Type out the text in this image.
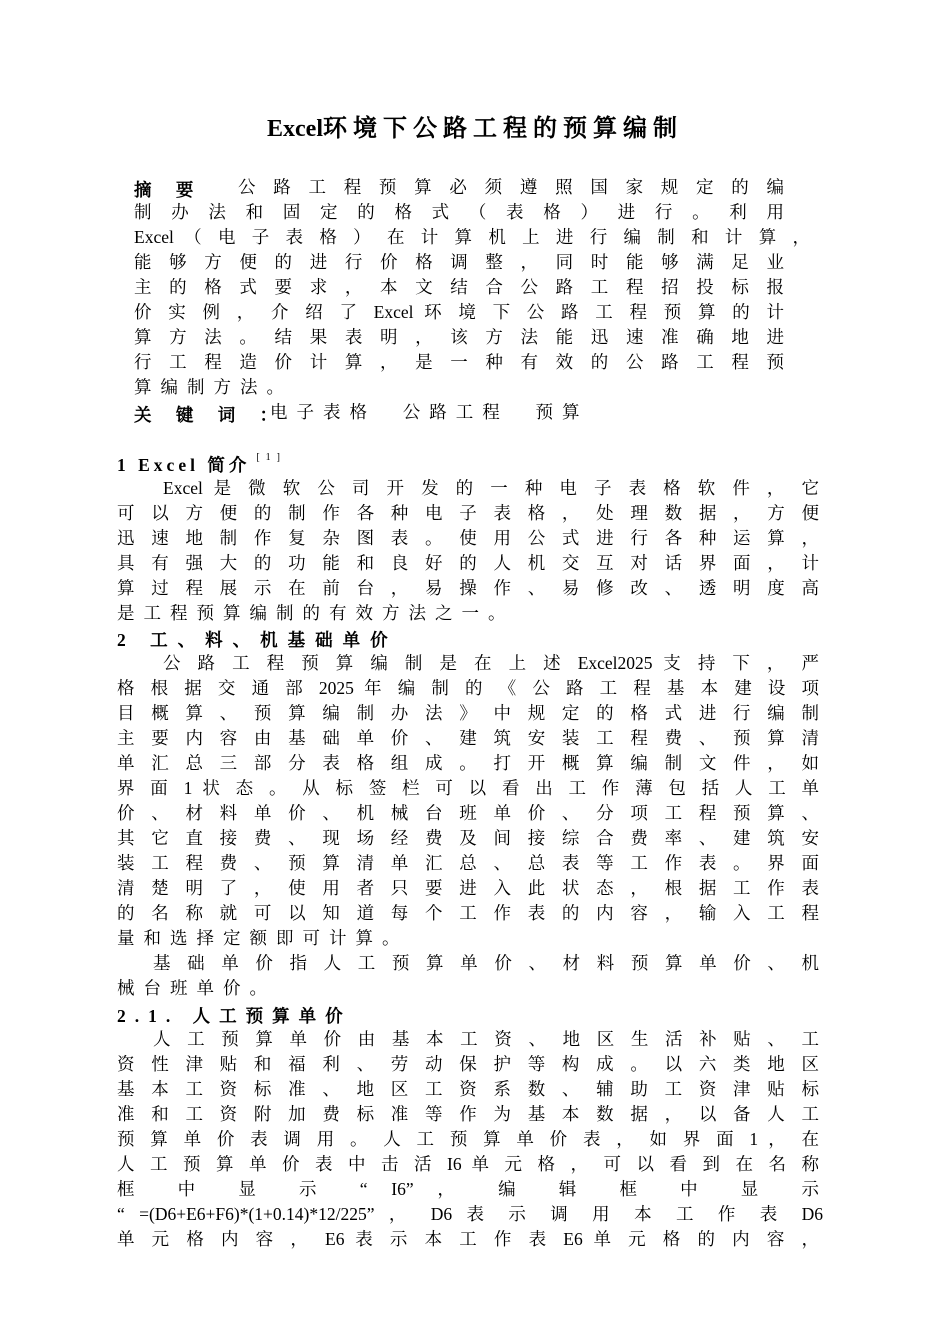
Excel环境下公路工程的预算编制
摘 要 公 路 工 程 预 算 必 须 遵 照 国 家 规 定 的 编
制 办 法 和 固 定 的 格 式 （ 表 格 ） 进 行 。 利 用
Excel （ 电 子 表 格 ） 在 计 算 机 上 进 行 编 制 和 计 算 ，
能 够 方 便 的 进 行 价 格 调 整 ， 同 时 能 够 满 足 业
主 的 格 式 要 求 ， 本 文 结 合 公 路 工 程 招 投 标 报
价 实 例 ， 介 绍 了 Excel 环 境 下 公 路 工 程 预 算 的 计
算 方 法 。 结 果 表 明 ， 该 方 法 能 迅 速 准 确 地 进
行 工 程 造 价 计 算 ， 是 一 种 有 效 的 公 路 工 程 预
算编制方法。
关 键 词 ：
电子表格  公路工程  预算
1 Excel 简介 [1]
Excel 是 微 软 公 司 开 发 的 一 种 电 子 表 格 软 件 ， 它
可 以 方 便 的 制 作 各 种 电 子 表 格 ， 处 理 数 据 ， 方 便
迅 速 地 制 作 复 杂 图 表 。 使 用 公 式 进 行 各 种 运 算 ，
具 有 强 大 的 功 能 和 良 好 的 人 机 交 互 对 话 界 面 ， 计
算 过 程 展 示 在 前 台 ， 易 操 作 、 易 修 改 、 透 明 度 高
是工程预算编制的有效方法之一。
2 工、料、机基础单价
公 路 工 程 预 算 编 制 是 在 上 述 Excel2025 支 持 下 ， 严
格 根 据 交 通 部 2025 年 编 制 的 《 公 路 工 程 基 本 建 设 项
目 概 算 、 预 算 编 制 办 法 》 中 规 定 的 格 式 进 行 编 制
主 要 内 容 由 基 础 单 价 、 建 筑 安 装 工 程 费 、 预 算 清
单 汇 总 三 部 分 表 格 组 成 。 打 开 概 算 编 制 文 件 ， 如
界 面 1 状 态 。 从 标 签 栏 可 以 看 出 工 作 薄 包 括 人 工 单
价 、 材 料 单 价 、 机 械 台 班 单 价 、 分 项 工 程 预 算 、
其 它 直 接 费 、 现 场 经 费 及 间 接 综 合 费 率 、 建 筑 安
装 工 程 费 、 预 算 清 单 汇 总 、 总 表 等 工 作 表 。 界 面
清 楚 明 了 ， 使 用 者 只 要 进 入 此 状 态 ， 根 据 工 作 表
的 名 称 就 可 以 知 道 每 个 工 作 表 的 内 容 ， 输 入 工 程
量和选择定额即可计算。
基 础 单 价 指 人 工 预 算 单 价 、 材 料 预 算 单 价 、 机
械台班单价。
2.1. 人工预算单价
人 工 预 算 单 价 由 基 本 工 资 、 地 区 生 活 补 贴 、 工
资 性 津 贴 和 福 利 、 劳 动 保 护 等 构 成 。 以 六 类 地 区
基 本 工 资 标 准 、 地 区 工 资 系 数 、 辅 助 工 资 津 贴 标
准 和 工 资 附 加 费 标 准 等 作 为 基 本 数 据 ， 以 备 人 工
预 算 单 价 表 调 用 。 人 工 预 算 单 价 表 ， 如 界 面 1 ， 在
人 工 预 算 单 价 表 中 击 活 I6 单 元 格 ， 可 以 看 到 在 名 称
框 中 显 示 “ I6” ， 编 辑 框 中 显 示
“ =(D6+E6+F6)*(1+0.14)*12/225” ， D6 表 示 调 用 本 工 作 表 D6
单 元 格 内 容 ， E6 表 示 本 工 作 表 E6 单 元 格 的 内 容 ，
